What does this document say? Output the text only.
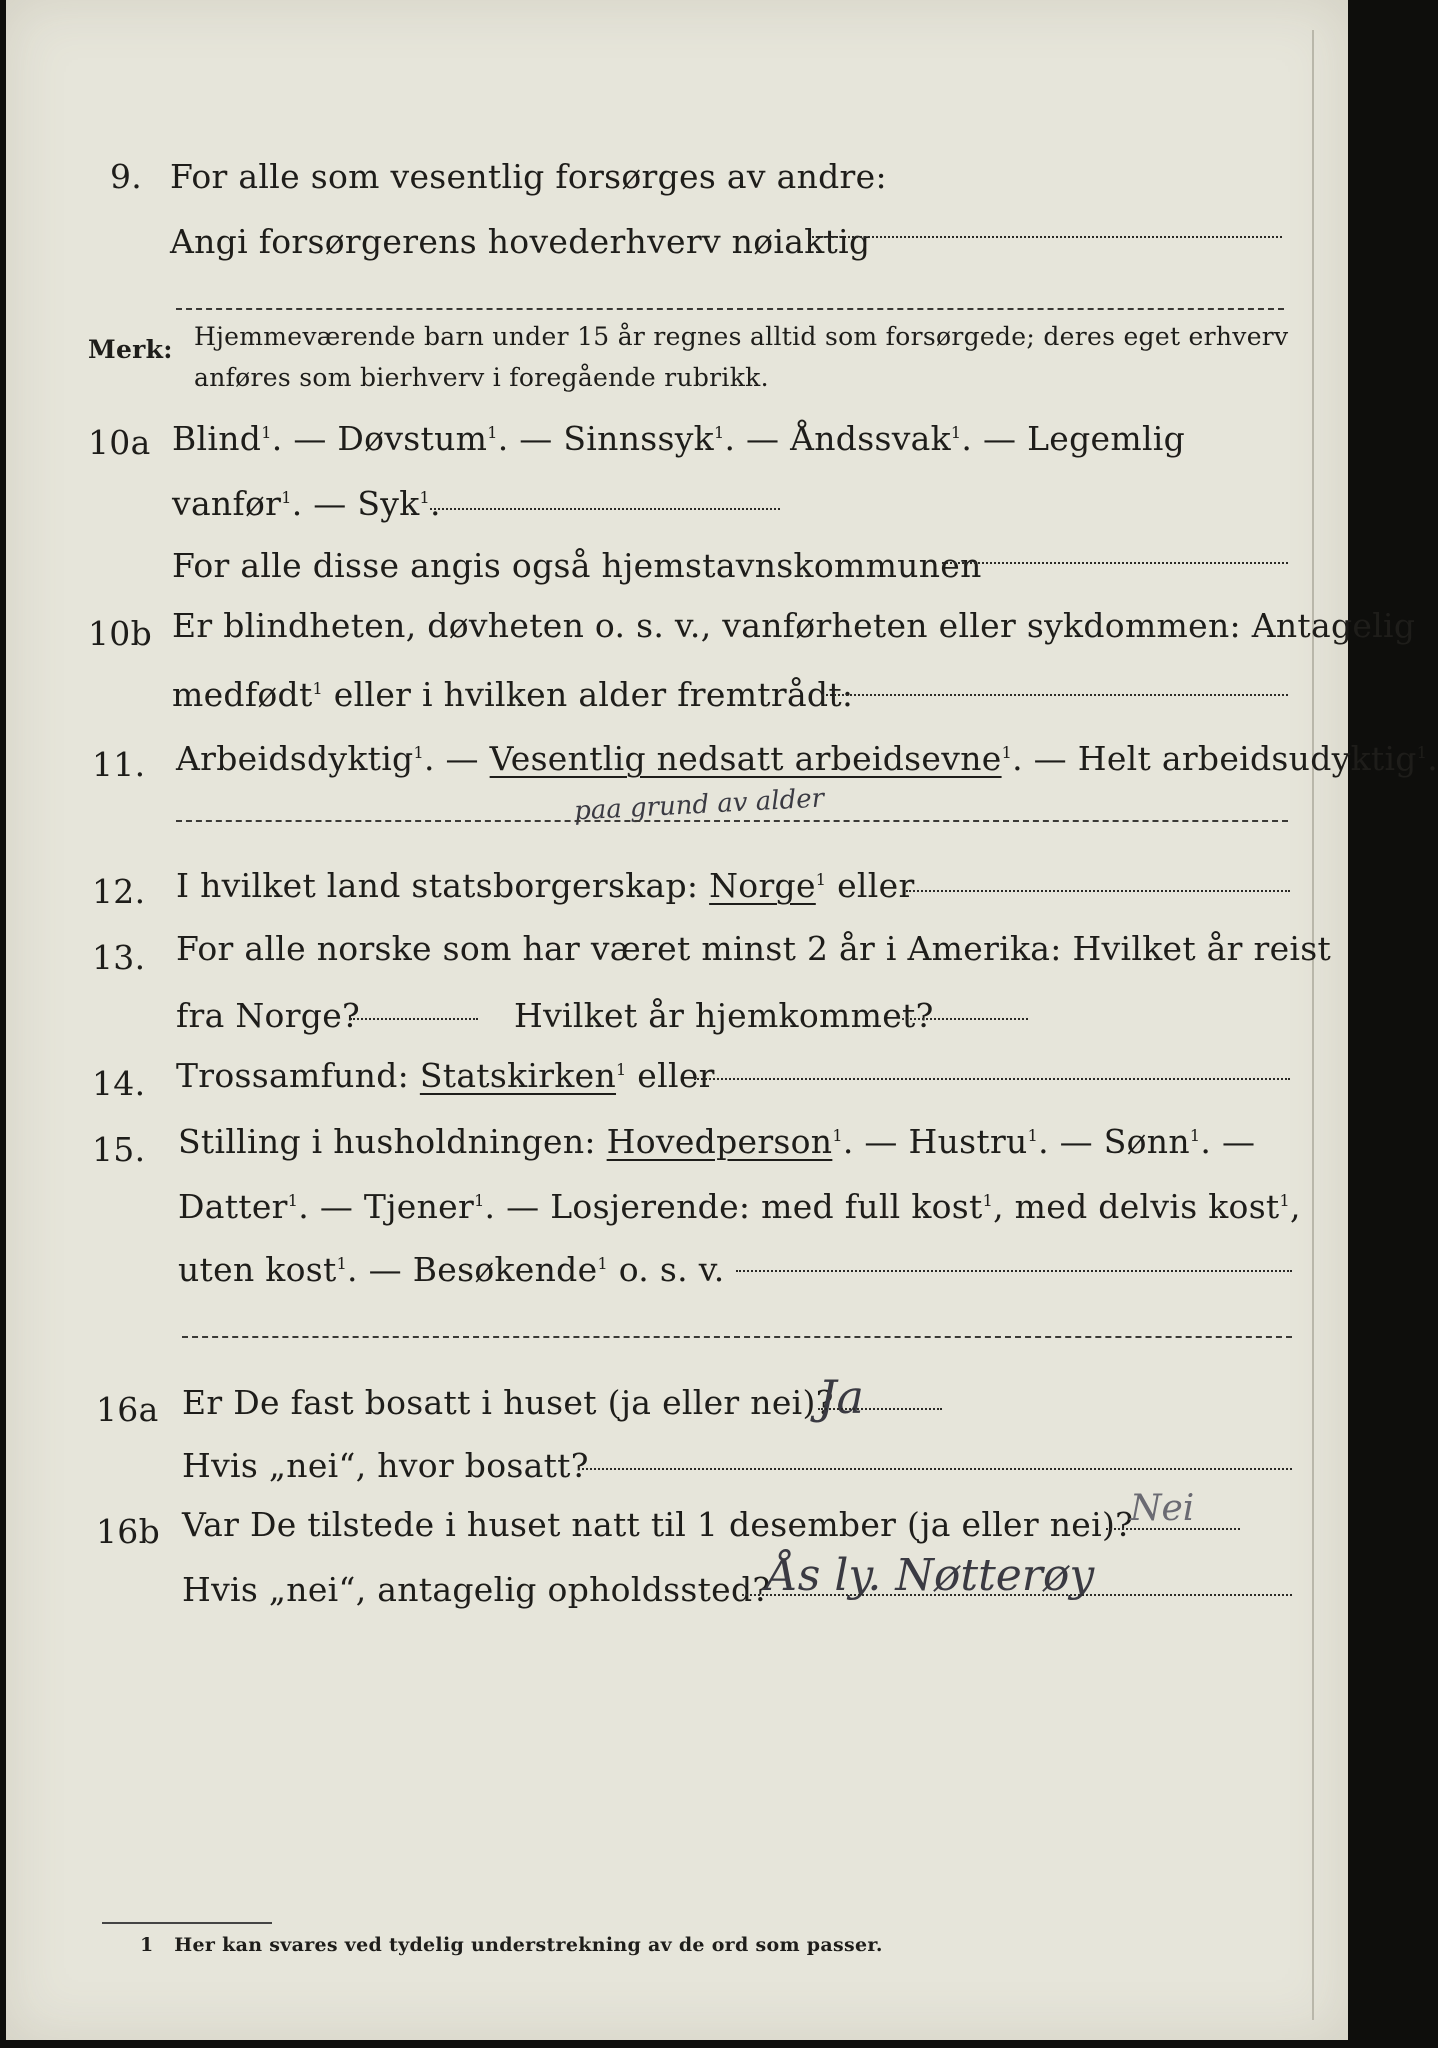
9. For alle som vesentlig forsørges av andre:
Angi forsørgerens hovederhverv nøiaktig
Merk: Hjemmeværende barn under 15 år regnes alltid som forsørgede; deres eget erhverv
anføres som bierhverv i foregående rubrikk.
10a Blind$^1$. — Døvstum$^1$. — Sinnssyk$^1$. — Åndssvak$^1$. — Legemlig
vanfør$^1$. — Syk$^1$.
For alle disse angis også hjemstavnskommunen
10b Er blindheten, døvheten o. s. v., vanførheten eller sykdommen: Antagelig
medfødt$^1$ eller i hvilken alder fremtrådt:
11. Arbeidsdyktig$^1$. — Vesentlig nedsatt arbeidsevne$^1$. — Helt arbeidsudyktig$^1$.
paa grund av alder
12. I hvilket land statsborgerskap: Norge$^1$ eller
13. For alle norske som har været minst 2 år i Amerika: Hvilket år reist
fra Norge?	Hvilket år hjemkommet?
14. Trossamfund: Statskirken$^1$ eller
15. Stilling i husholdningen: Hovedperson$^1$. — Hustru$^1$. — Sønn$^1$. —
Datter$^1$. — Tjener$^1$. — Losjerende: med full kost$^1$, med delvis kost$^1$,
uten kost$^1$. — Besøkende$^1$ o. s. v.
16a Er De fast bosatt i huset (ja eller nei)?
Ja
Hvis „nei“, hvor bosatt?
16b Var De tilstede i huset natt til 1 desember (ja eller nei)?
Nei
Hvis „nei“, antagelig opholdssted?
Ås ly. Nøtterøy
1 Her kan svares ved tydelig understrekning av de ord som passer.
